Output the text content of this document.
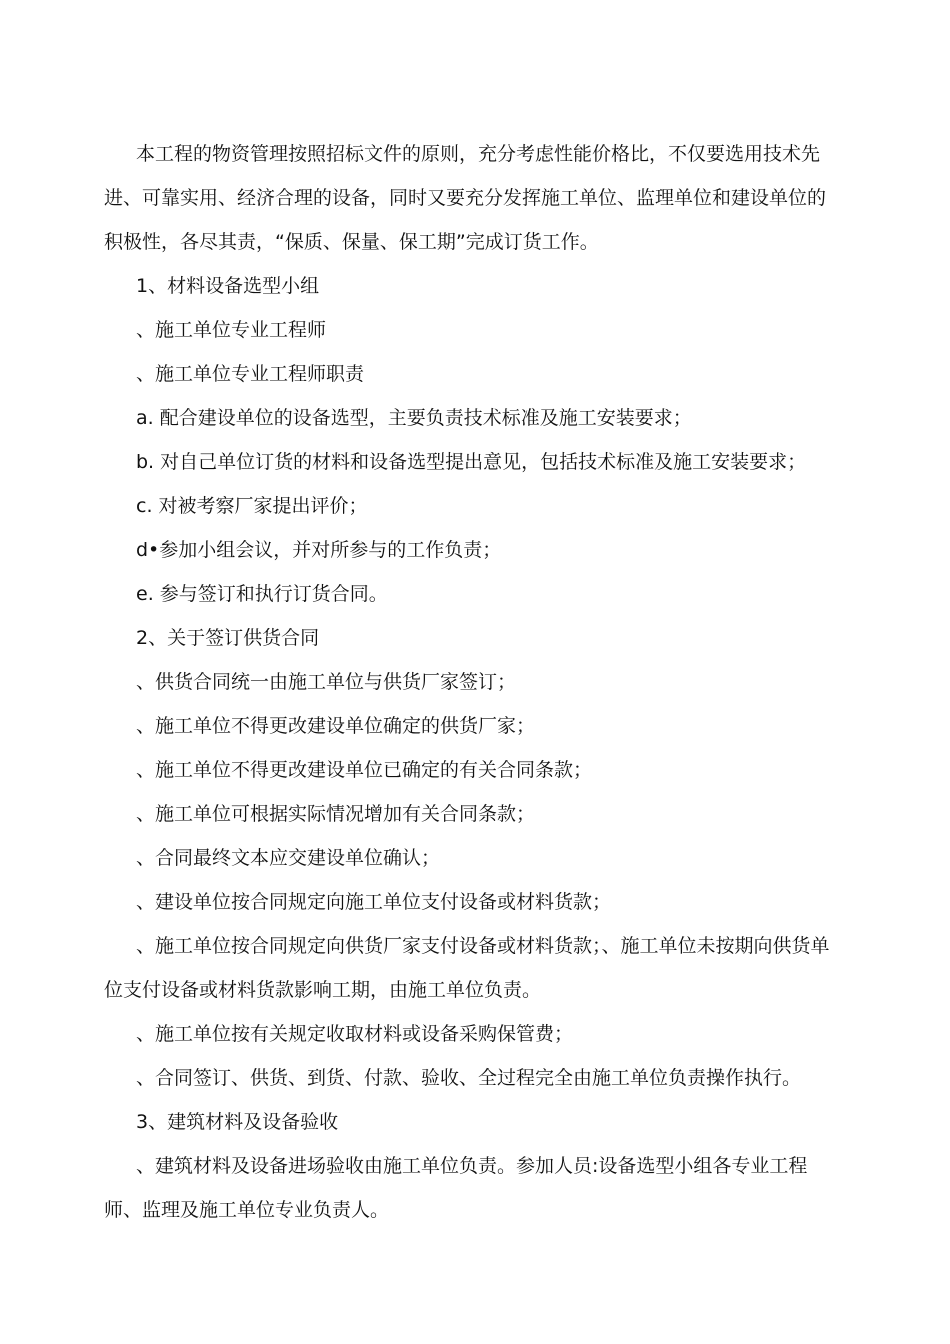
本工程的物资管理按照招标文件的原则，充分考虑性能价格比，不仅要选用技术先进、可靠实用、经济合理的设备，同时又要充分发挥施工单位、监理单位和建设单位的积极性，各尽其责，“保质、保量、保工期”完成订货工作。

1、材料设备选型小组

、施工单位专业工程师

、施工单位专业工程师职责

a. 配合建设单位的设备选型，主要负责技术标准及施工安装要求；

b. 对自己单位订货的材料和设备选型提出意见，包括技术标准及施工安装要求；

c. 对被考察厂家提出评价；

d•参加小组会议，并对所参与的工作负责；

e. 参与签订和执行订货合同。

2、关于签订供货合同

、供货合同统一由施工单位与供货厂家签订；

、施工单位不得更改建设单位确定的供货厂家；

、施工单位不得更改建设单位已确定的有关合同条款；

、施工单位可根据实际情况增加有关合同条款；

、合同最终文本应交建设单位确认；

、建设单位按合同规定向施工单位支付设备或材料货款；

、施工单位按合同规定向供货厂家支付设备或材料货款；、施工单位未按期向供货单位支付设备或材料货款影响工期，由施工单位负责。

、施工单位按有关规定收取材料或设备采购保管费；

、合同签订、供货、到货、付款、验收、全过程完全由施工单位负责操作执行。

3、建筑材料及设备验收

、建筑材料及设备进场验收由施工单位负责。参加人员:设备选型小组各专业工程师、监理及施工单位专业负责人。
